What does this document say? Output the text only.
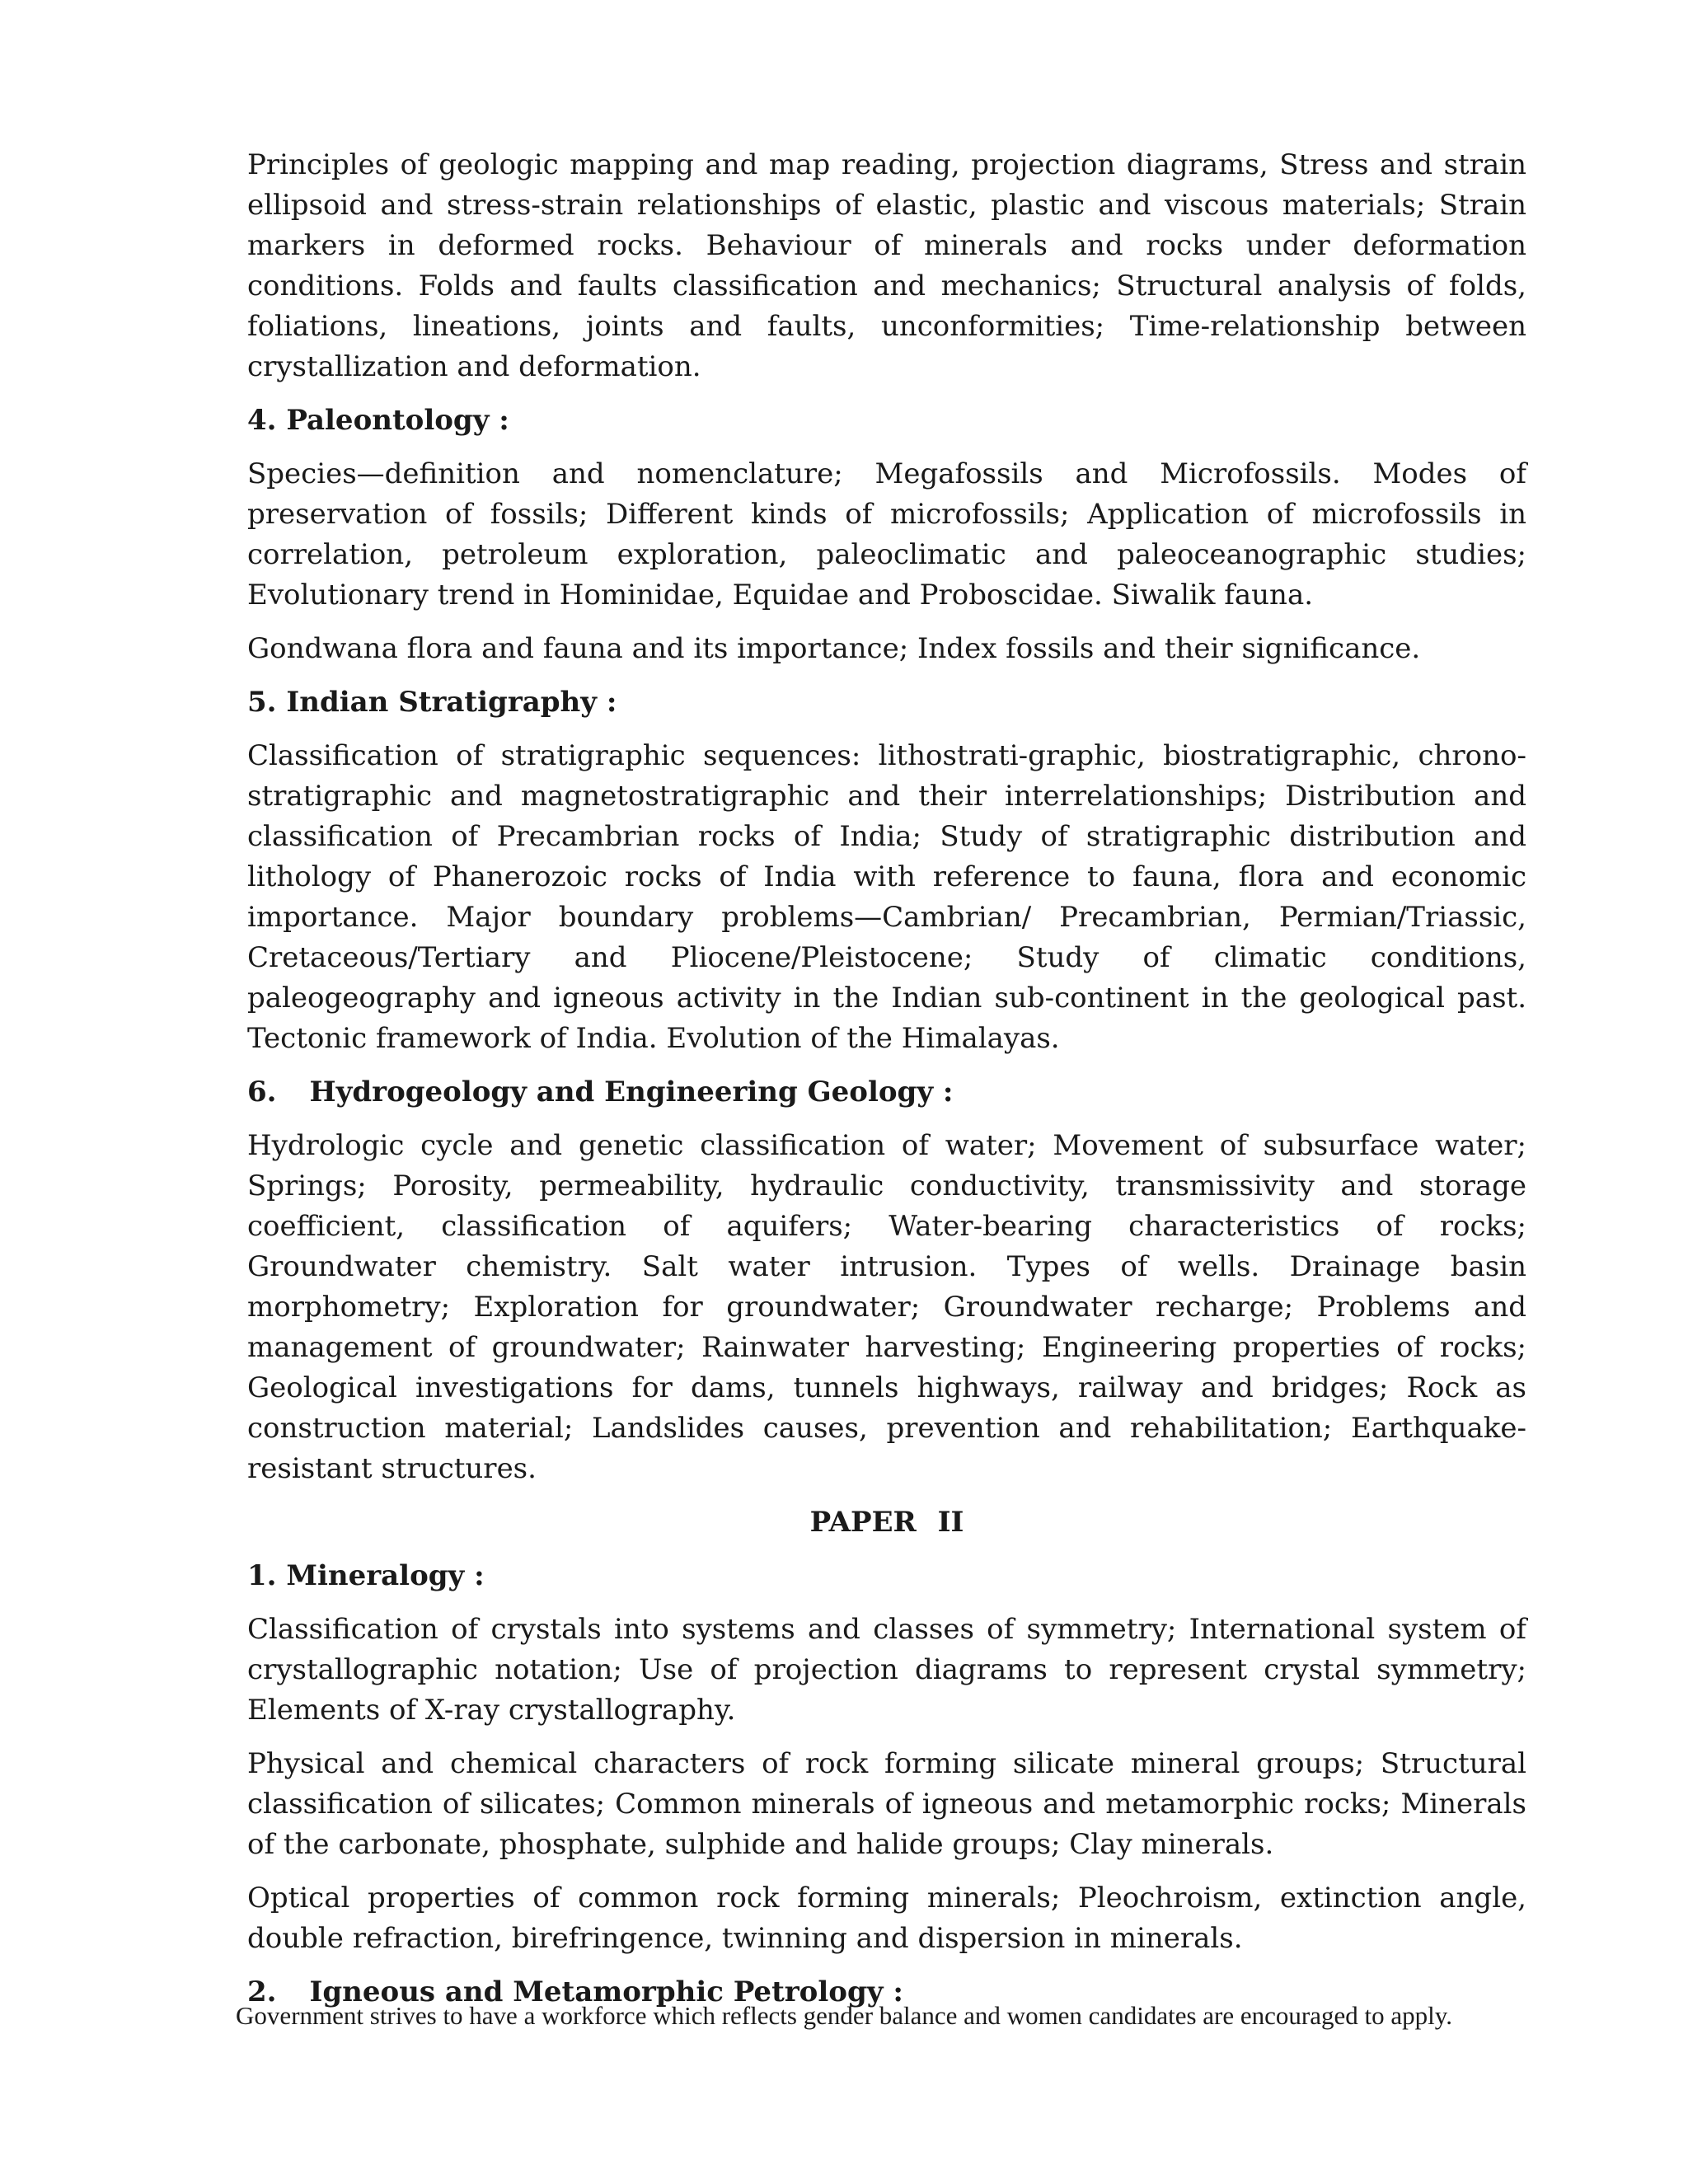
Principles of geologic mapping and map reading, projection diagrams, Stress and strain ellipsoid and stress-strain relationships of elastic, plastic and viscous materials; Strain markers in deformed rocks. Behaviour of minerals and rocks under deformation conditions. Folds and faults classification and mechanics; Structural analysis of folds, foliations, lineations, joints and faults, unconformities; Time-relationship between crystallization and deformation.

4. Paleontology :

Species—definition and nomenclature; Megafossils and Microfossils. Modes of preservation of fossils; Different kinds of microfossils; Application of microfossils in correlation, petroleum exploration, paleoclimatic and paleoceanographic studies; Evolutionary trend in Hominidae, Equidae and Proboscidae. Siwalik fauna.

Gondwana flora and fauna and its importance; Index fossils and their significance.

5. Indian Stratigraphy :

Classification of stratigraphic sequences: lithostrati-graphic, biostratigraphic, chrono-stratigraphic and magnetostratigraphic and their interrelationships; Distribution and classification of Precambrian rocks of India; Study of stratigraphic distribution and lithology of Phanerozoic rocks of India with reference to fauna, flora and economic importance. Major boundary problems—Cambrian/ Precambrian, Permian/Triassic, Cretaceous/Tertiary and Pliocene/Pleistocene; Study of climatic conditions, paleogeography and igneous activity in the Indian sub-continent in the geological past. Tectonic framework of India. Evolution of the Himalayas.

6. Hydrogeology and Engineering Geology :

Hydrologic cycle and genetic classification of water; Movement of subsurface water; Springs; Porosity, permeability, hydraulic conductivity, transmissivity and storage coefficient, classification of aquifers; Water-bearing characteristics of rocks; Groundwater chemistry. Salt water intrusion. Types of wells. Drainage basin morphometry; Exploration for groundwater; Groundwater recharge; Problems and management of groundwater; Rainwater harvesting; Engineering properties of rocks; Geological investigations for dams, tunnels highways, railway and bridges; Rock as construction material; Landslides causes, prevention and rehabilitation; Earthquake-resistant structures.

PAPER II
1. Mineralogy :

Classification of crystals into systems and classes of symmetry; International system of crystallographic notation; Use of projection diagrams to represent crystal symmetry; Elements of X-ray crystallography.

Physical and chemical characters of rock forming silicate mineral groups; Structural classification of silicates; Common minerals of igneous and metamorphic rocks; Minerals of the carbonate, phosphate, sulphide and halide groups; Clay minerals.

Optical properties of common rock forming minerals; Pleochroism, extinction angle, double refraction, birefringence, twinning and dispersion in minerals.

2. Igneous and Metamorphic Petrology :
Government strives to have a workforce which reflects gender balance and women candidates are encouraged to apply.
